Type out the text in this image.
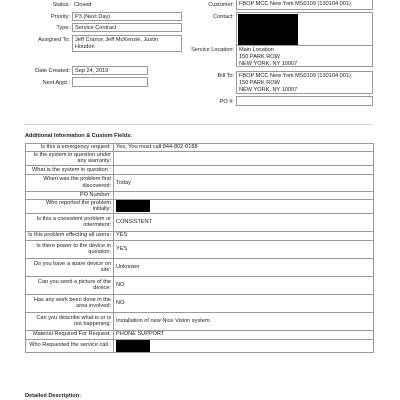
Status: Closed
Priority: P3 (Next Day)
Type: Service Contract
Assigned To: Jeff Cranor, Jeff McKenzie, Justin Houdon
Date Created: Sep 24, 2019
Next Appt.:
Customer: FBOP MCC New York MS0109 (130104.001)
Contact:
Service Location: Main Location
150 PARK ROW
NEW YORK, NY 10007
Bill To: FBOP MCC New York MS0109 (130104.001)
150 PARK ROW
NEW YORK, NY 10007
PO #:
Additional Information & Custom Fields:
Is this a emergency request:	Yes, You must call 844-802-0188
Is the system in question under any warranty:	
What is the system in question :	
When was the problem first discovered:	Today
PO Number:	
Who reported the problem initially:	
Is this a consistent problem or intermitent:	CONSISTENT
Is this problem effecting all users:	YES
Is there power to the device in question:	YES
Do you have a spare device on site:	Unknown
Can you send a picture of the device:	NO
Has any work been done in the area involved:	NO
Can you describe what is or is not happening:	Installation of new Nice Vision system.
Material Required For Request:	PHONE SUPPORT
Who Requested the service call :	
Detailed Description:
